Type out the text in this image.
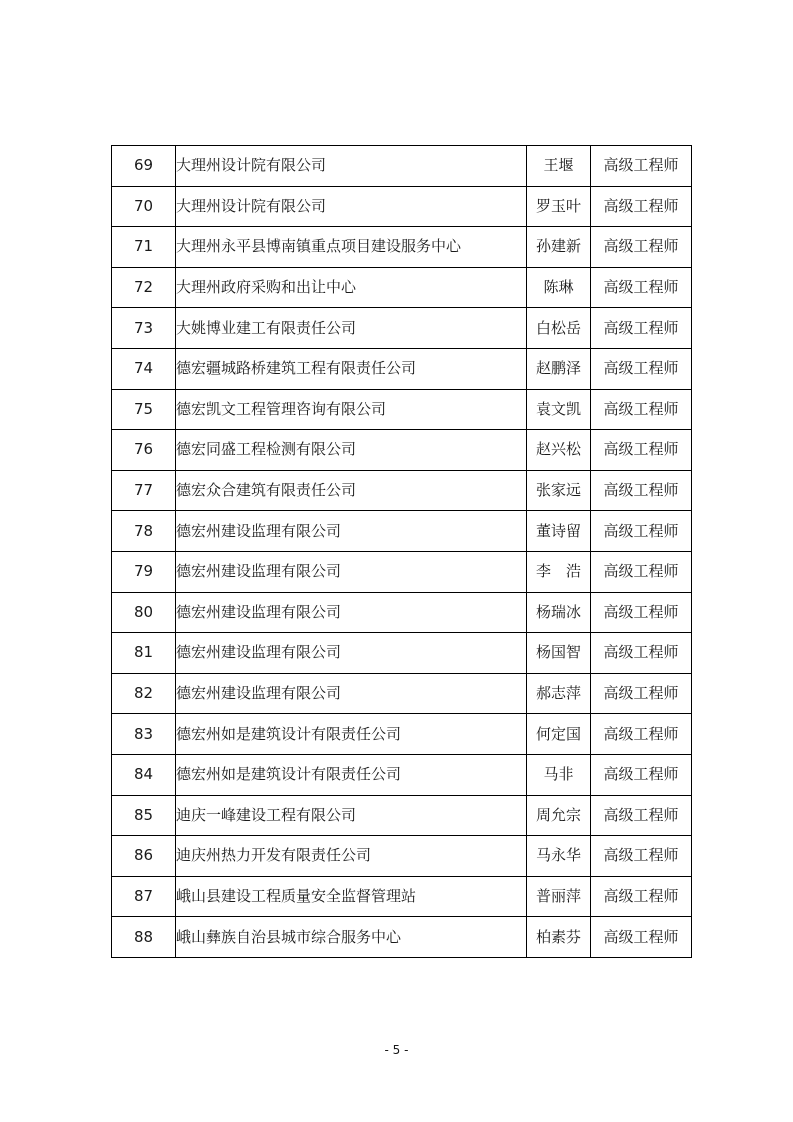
69	大理州设计院有限公司	王堰	高级工程师
70	大理州设计院有限公司	罗玉叶	高级工程师
71	大理州永平县博南镇重点项目建设服务中心	孙建新	高级工程师
72	大理州政府采购和出让中心	陈琳	高级工程师
73	大姚博业建工有限责任公司	白松岳	高级工程师
74	德宏疆城路桥建筑工程有限责任公司	赵鹏泽	高级工程师
75	德宏凯文工程管理咨询有限公司	袁文凯	高级工程师
76	德宏同盛工程检测有限公司	赵兴松	高级工程师
77	德宏众合建筑有限责任公司	张家远	高级工程师
78	德宏州建设监理有限公司	董诗留	高级工程师
79	德宏州建设监理有限公司	李　浩	高级工程师
80	德宏州建设监理有限公司	杨瑞冰	高级工程师
81	德宏州建设监理有限公司	杨国智	高级工程师
82	德宏州建设监理有限公司	郝志萍	高级工程师
83	德宏州如是建筑设计有限责任公司	何定国	高级工程师
84	德宏州如是建筑设计有限责任公司	马非	高级工程师
85	迪庆一峰建设工程有限公司	周允宗	高级工程师
86	迪庆州热力开发有限责任公司	马永华	高级工程师
87	峨山县建设工程质量安全监督管理站	普丽萍	高级工程师
88	峨山彝族自治县城市综合服务中心	柏素芬	高级工程师
- 5 -
